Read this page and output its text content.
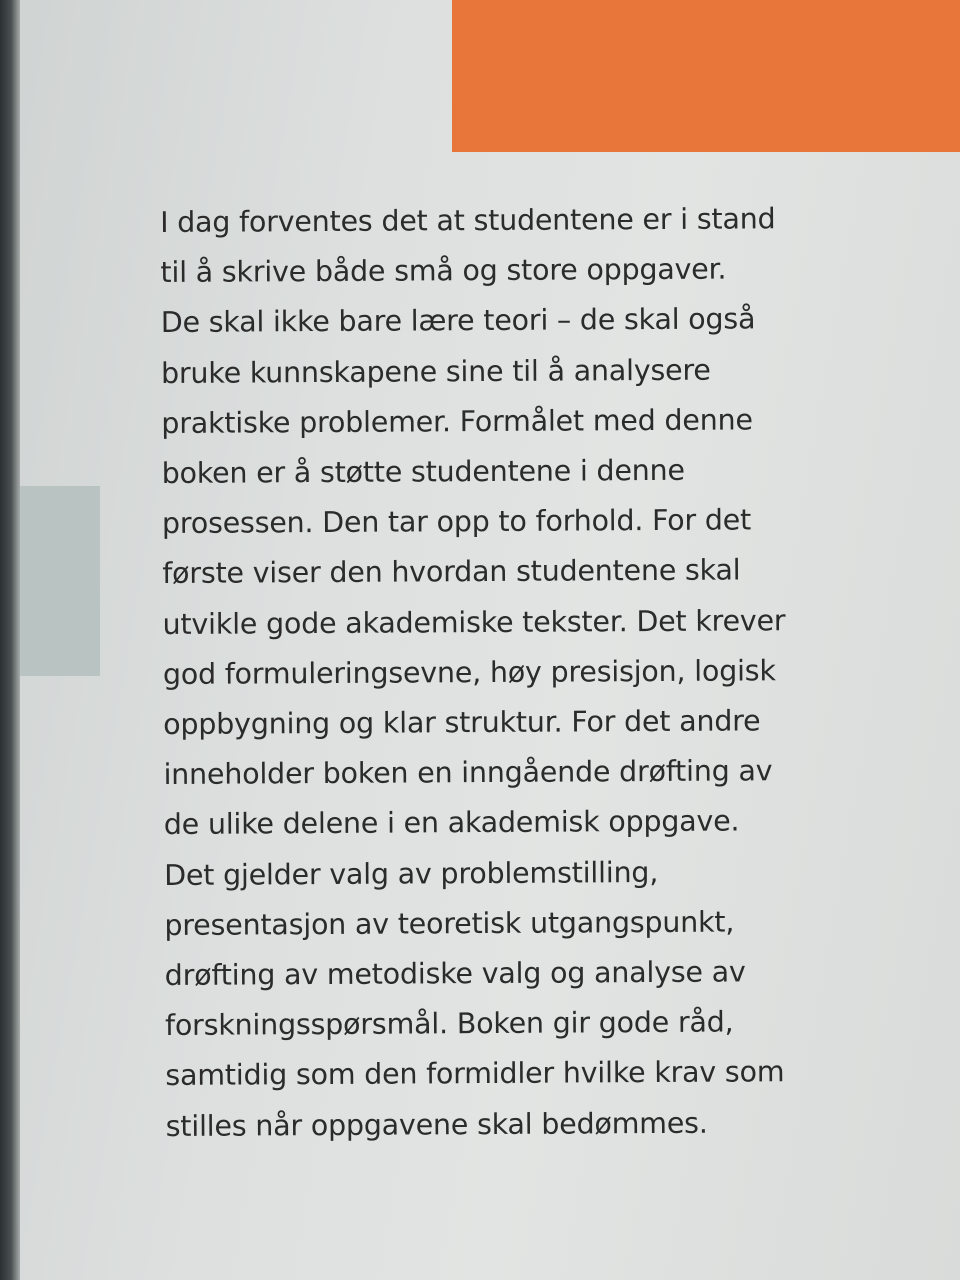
I dag forventes det at studentene er i stand
til å skrive både små og store oppgaver.
De skal ikke bare lære teori – de skal også
bruke kunnskapene sine til å analysere
praktiske problemer. Formålet med denne
boken er å støtte studentene i denne
prosessen. Den tar opp to forhold. For det
første viser den hvordan studentene skal
utvikle gode akademiske tekster. Det krever
god formuleringsevne, høy presisjon, logisk
oppbygning og klar struktur. For det andre
inneholder boken en inngående drøfting av
de ulike delene i en akademisk oppgave.
Det gjelder valg av problemstilling,
presentasjon av teoretisk utgangspunkt,
drøfting av metodiske valg og analyse av
forskningsspørsmål. Boken gir gode råd,
samtidig som den formidler hvilke krav som
stilles når oppgavene skal bedømmes.
